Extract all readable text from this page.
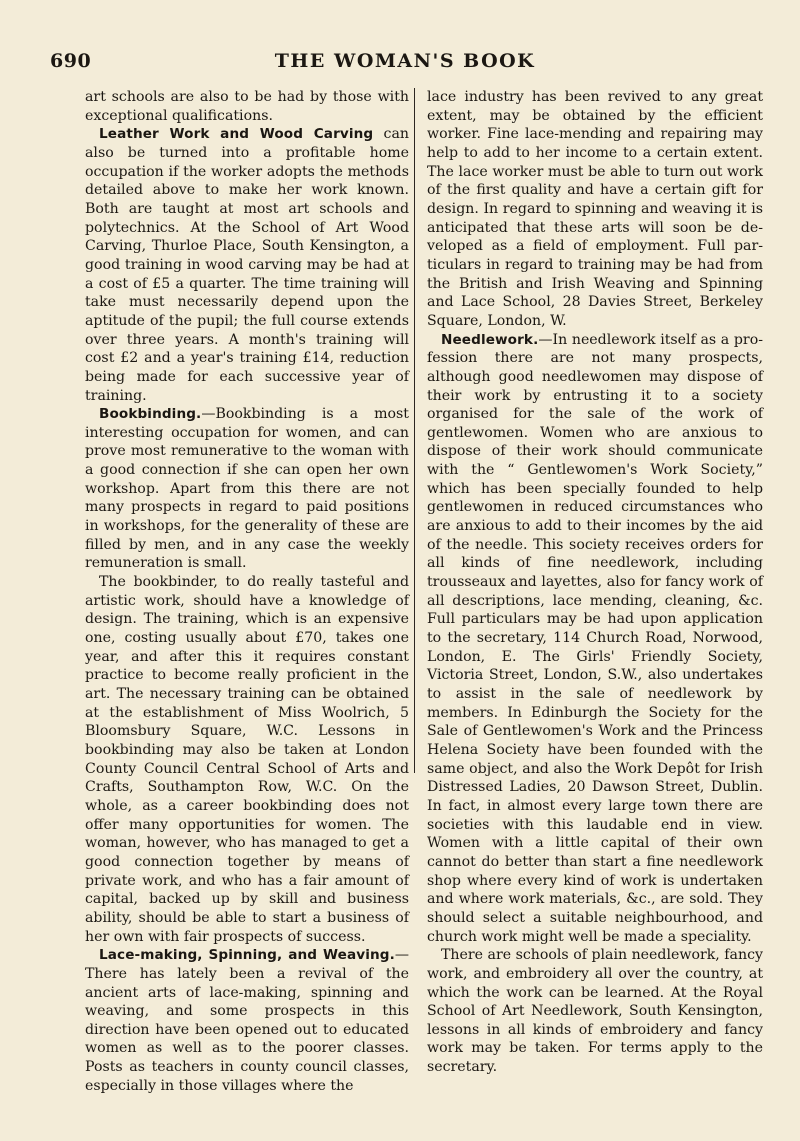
690	THE WOMAN'S BOOK

art schools are also to be had by those with exceptional qualifications.

Leather Work and Wood Carving can also be turned into a profitable home occupation if the worker adopts the methods detailed above to make her work known. Both are taught at most art schools and polytechnics. At the School of Art Wood Carving, Thurloe Place, South Kensington, a good training in wood carving may be had at a cost of £5 a quarter. The time training will take must necessarily depend upon the aptitude of the pupil; the full course extends over three years. A month's training will cost £2 and a year's training £14, reduction being made for each successive year of training.

Bookbinding.—Bookbinding is a most interesting occupation for women, and can prove most remunerative to the woman with a good connection if she can open her own workshop. Apart from this there are not many prospects in regard to paid positions in workshops, for the generality of these are filled by men, and in any case the weekly remuneration is small.

The bookbinder, to do really tasteful and artistic work, should have a knowledge of design. The training, which is an expensive one, costing usually about £70, takes one year, and after this it requires constant practice to become really proficient in the art. The necessary training can be obtained at the establishment of Miss Woolrich, 5 Bloomsbury Square, W.C. Lessons in bookbinding may also be taken at London County Council Central School of Arts and Crafts, Southampton Row, W.C. On the whole, as a career bookbinding does not offer many opportunities for women. The woman, however, who has managed to get a good connection together by means of private work, and who has a fair amount of capital, backed up by skill and business ability, should be able to start a business of her own with fair prospects of success.

Lace-making, Spinning, and Weaving.—There has lately been a revival of the ancient arts of lace-making, spinning and weaving, and some prospects in this direction have been opened out to educated women as well as to the poorer classes. Posts as teachers in county council classes, especially in those villages where the

lace industry has been revived to any great extent, may be obtained by the efficient worker. Fine lace-mending and repairing may help to add to her income to a certain extent. The lace worker must be able to turn out work of the first quality and have a certain gift for design. In regard to spinning and weaving it is anticipated that these arts will soon be developed as a field of employment. Full particulars in regard to training may be had from the British and Irish Weaving and Spinning and Lace School, 28 Davies Street, Berkeley Square, London, W.

Needlework.—In needlework itself as a profession there are not many prospects, although good needlewomen may dispose of their work by entrusting it to a society organised for the sale of the work of gentlewomen. Women who are anxious to dispose of their work should communicate with the “ Gentlewomen's Work Society,” which has been specially founded to help gentlewomen in reduced circumstances who are anxious to add to their incomes by the aid of the needle. This society receives orders for all kinds of fine needlework, including trousseaux and layettes, also for fancy work of all descriptions, lace mending, cleaning, &c. Full particulars may be had upon application to the secretary, 114 Church Road, Norwood, London, E. The Girls' Friendly Society, Victoria Street, London, S.W., also undertakes to assist in the sale of needlework by members. In Edinburgh the Society for the Sale of Gentlewomen's Work and the Princess Helena Society have been founded with the same object, and also the Work Depôt for Irish Distressed Ladies, 20 Dawson Street, Dublin. In fact, in almost every large town there are societies with this laudable end in view. Women with a little capital of their own cannot do better than start a fine needlework shop where every kind of work is undertaken and where work materials, &c., are sold. They should select a suitable neighbourhood, and church work might well be made a speciality.

There are schools of plain needlework, fancy work, and embroidery all over the country, at which the work can be learned. At the Royal School of Art Needlework, South Kensington, lessons in all kinds of embroidery and fancy work may be taken. For terms apply to the secretary.
